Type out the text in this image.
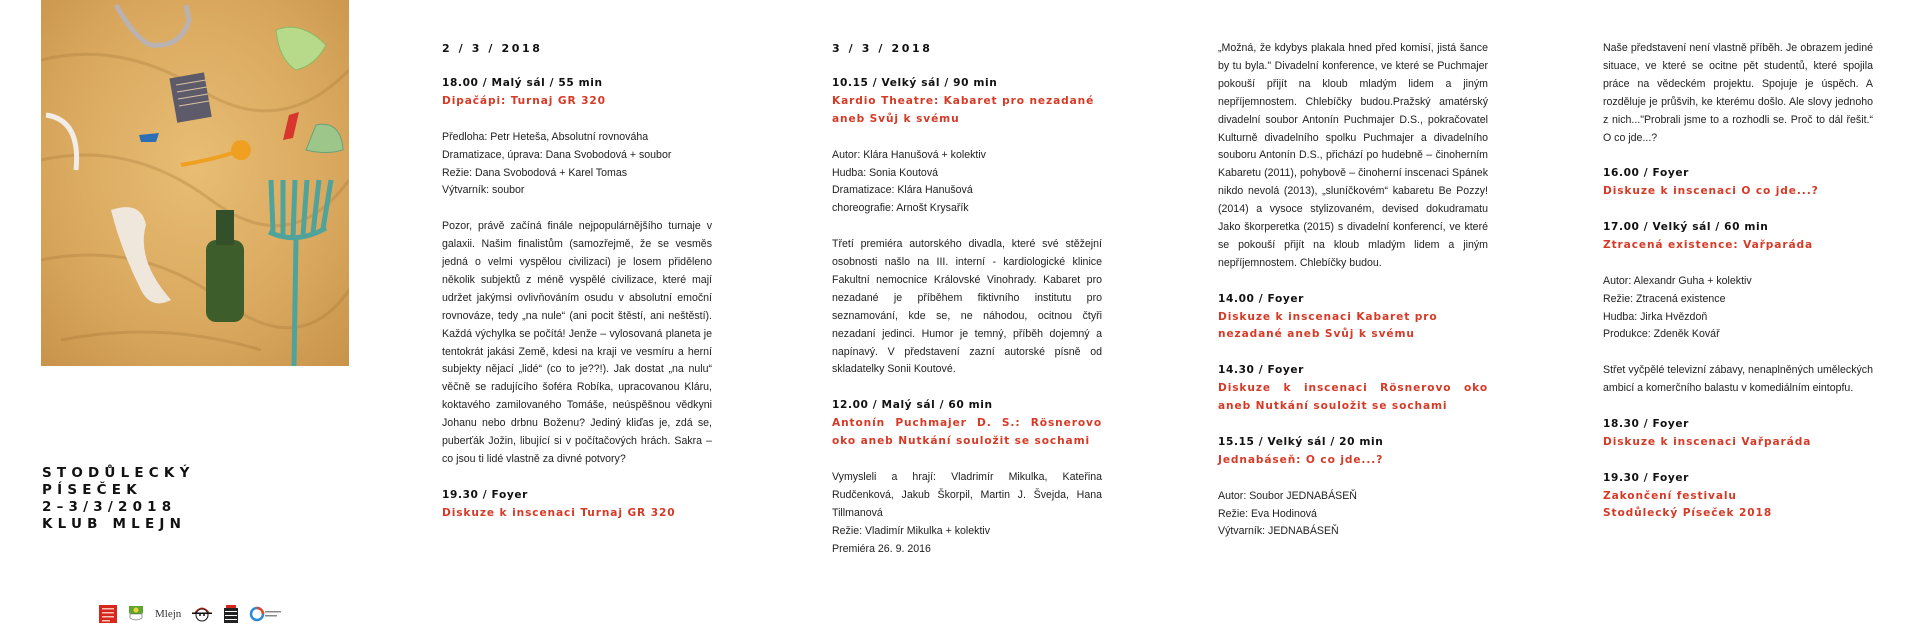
STODŮLECKÝ
PÍSEČEK
2–3/3/2018
KLUB MLEJN
Mlejn
2 / 3 / 2018
18.00 / Malý sál / 55 min
Dipačápi: Turnaj GR 320
Předloha: Petr Heteša, Absolutní rovnováha
Dramatizace, úprava: Dana Svobodová + soubor
Režie: Dana Svobodová + Karel Tomas
Výtvarník: soubor

Pozor, právě začíná finále nejpopulárnějšího turnaje v galaxii. Našim finalistům (samozřejmě, že se vesměs jedná o velmi vyspělou civilizaci) je losem přiděleno několik subjektů z méně vyspělé civilizace, které mají udržet jakýmsi ovlivňováním osudu v absolutní emoční rovnováze, tedy „na nule“ (ani pocit štěstí, ani neštěstí). Každá výchylka se počítá! Jenže – vylosovaná planeta je tentokrát jakási Země, kdesi na kraji ve vesmíru a herní subjekty nějací „lidé“ (co to je??!). Jak dostat „na nulu“ věčně se radujícího šoféra Robíka, upracovanou Kláru, koktavého zamilovaného Tomáše, neúspěšnou vědkyni Johanu nebo drbnu Boženu? Jediný kliďas je, zdá se, puberťák Jožin, libující si v počítačových hrách. Sakra – co jsou ti lidé vlastně za divné potvory?

19.30 / Foyer
Diskuze k inscenaci Turnaj GR 320
3 / 3 / 2018
10.15 / Velký sál / 90 min
Kardio Theatre: Kabaret pro nezadané aneb Svůj k svému
Autor: Klára Hanušová + kolektiv
Hudba: Sonia Koutová
Dramatizace: Klára Hanušová
choreografie: Arnošt Krysařík

Třetí premiéra autorského divadla, které své stěžejní osobnosti našlo na III. interní - kardiologické klinice Fakultní nemocnice Královské Vinohrady. Kabaret pro nezadané je příběhem fiktivního institutu pro seznamování, kde se, ne náhodou, ocitnou čtyři nezadaní jedinci. Humor je temný, příběh dojemný a napínavý. V představení zazní autorské písně od skladatelky Sonii Koutové.

12.00 / Malý sál / 60 min
Antonín Puchmajer D. S.: Rösnerovo oko aneb Nutkání souložit se sochami

Vymysleli a hrají: Vladrimír Mikulka, Kateřina Rudčenková, Jakub Škorpil, Martin J. Švejda, Hana Tillmanová

Režie: Vladimír Mikulka + kolektiv
Premiéra 26. 9. 2016

„Možná, že kdybys plakala hned před komisí, jistá šance by tu byla." Divadelní konference, ve které se Puchmajer pokouší přijít na kloub mladým lidem a jiným nepříjemnostem. Chlebíčky budou.Pražský amatérský divadelní soubor Antonín Puchmajer D.S., pokračovatel Kulturně divadelního spolku Puchmajer a divadelního souboru Antonín D.S., přichází po hudebně – činoherním Kabaretu (2011), pohybově – činoherní inscenaci Spánek nikdo nevolá (2013), „sluníčkovém“ kabaretu Be Pozzy! (2014) a vysoce stylizovaném, devised dokudramatu Jako škorperetka (2015) s divadelní konferencí, ve které se pokouší přijít na kloub mladým lidem a jiným nepříjemnostem. Chlebíčky budou.

14.00 / Foyer
Diskuze k inscenaci Kabaret pro nezadané aneb Svůj k svému
14.30 / Foyer
Diskuze k inscenaci Rösnerovo oko aneb Nutkání souložit se sochami
15.15 / Velký sál / 20 min
Jednabáseň: O co jde...?
Autor: Soubor JEDNABÁSEŇ
Režie: Eva Hodinová
Výtvarník: JEDNABÁSEŇ

Naše představení není vlastně příběh. Je obrazem jediné situace, ve které se ocitne pět studentů, které spojila práce na vědeckém projektu. Spojuje je úspěch. A rozděluje je průšvih, ke kterému došlo. Ale slovy jednoho z nich..."Probrali jsme to a rozhodli se. Proč to dál řešit.“ O co jde...?

16.00 / Foyer
Diskuze k inscenaci O co jde...?
17.00 / Velký sál / 60 min
Ztracená existence: Vařparáda
Autor: Alexandr Guha + kolektiv
Režie: Ztracená existence
Hudba: Jirka Hvězdoň
Produkce: Zdeněk Kovář

Střet vyčpělé televizní zábavy, nenaplněných uměleckých ambicí a komerčního balastu v komediálním eintopfu.

18.30 / Foyer
Diskuze k inscenaci Vařparáda
19.30 / Foyer
Zakončení festivalu
Stodůlecký Píseček 2018
